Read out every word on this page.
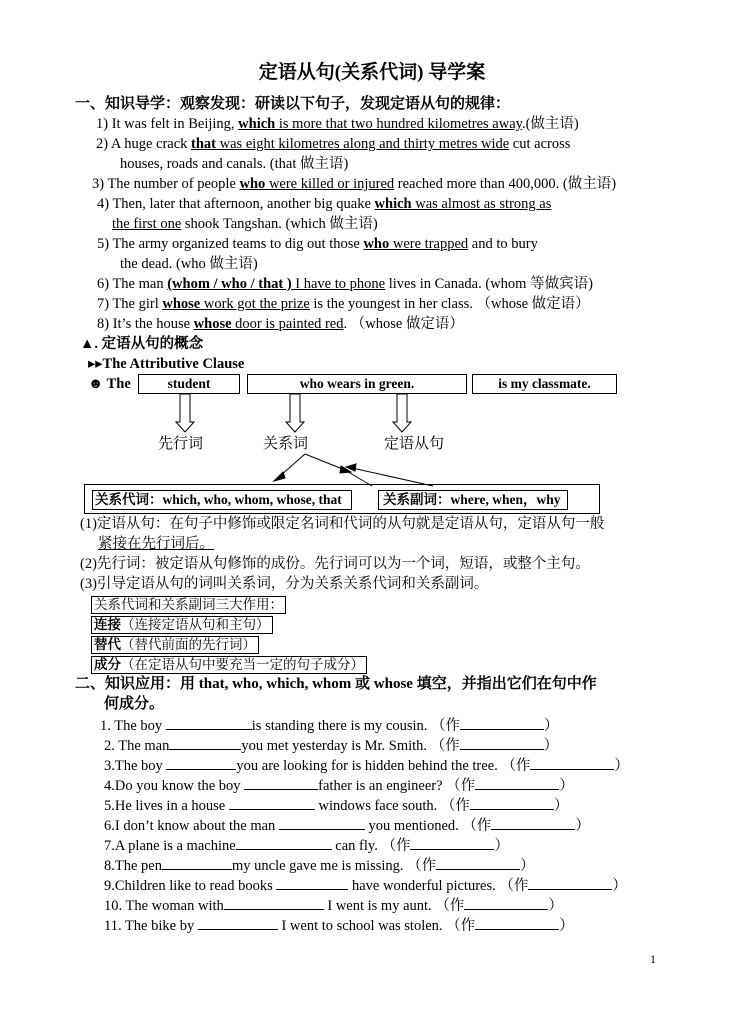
定语从句(关系代词) 导学案
一、知识导学：观察发现：研读以下句子，发现定语从句的规律：
1) It was felt in Beijing, which is more that two hundred kilometres away.(做主语)
2) A huge crack that was eight kilometres along and thirty metres wide cut across
houses, roads and canals. (that 做主语)
3) The number of people who were killed or injured reached more than 400,000. (做主语)
4) Then, later that afternoon, another big quake which was almost as strong as
the first one shook Tangshan. (which 做主语)
5) The army organized teams to dig out those who were trapped and to bury
the dead. (who 做主语)
6) The man (whom / who / that ) I have to phone lives in Canada. (whom 等做宾语)
7) The girl whose work got the prize is the youngest in her class. （whose 做定语）
8) It’s the house whose door is painted red. （whose 做定语）
▲. 定语从句的概念
▸▸The Attributive Clause
☻ The	student	who wears in green.	is my classmate.
先行词	关系词	定语从句
关系代词：which, who, whom, whose, that	关系副词：where, when，why
(1)定语从句：在句子中修饰或限定名词和代词的从句就是定语从句，定语从句一般
紧接在先行词后。
(2)先行词：被定语从句修饰的成份。先行词可以为一个词，短语，或整个主句。
(3)引导定语从句的词叫关系词，分为关系关系代词和关系副词。
关系代词和关系副词三大作用：
连接（连接定语从句和主句）
替代（替代前面的先行词）
成分（在定语从句中要充当一定的句子成分）
二、知识应用：用 that, who, which, whom 或 whose 填空，并指出它们在句中作
何成分。
1. The boy	is standing there is my cousin. （作	）
2. The man	you met yesterday is Mr. Smith. （作	）
3.The boy	you are looking for is hidden behind the tree. （作	）
4.Do you know the boy	father is an engineer? （作	）
5.He lives in a house	windows face south. （作	）
6.I don’t know about the man	you mentioned. （作	）
7.A plane is a machine	can fly. （作	）
8.The pen	my uncle gave me is missing. （作	）
9.Children like to read books	have wonderful pictures. （作	）
10. The woman with	I went is my aunt. （作	）
11. The bike by	I went to school was stolen. （作	）
1
